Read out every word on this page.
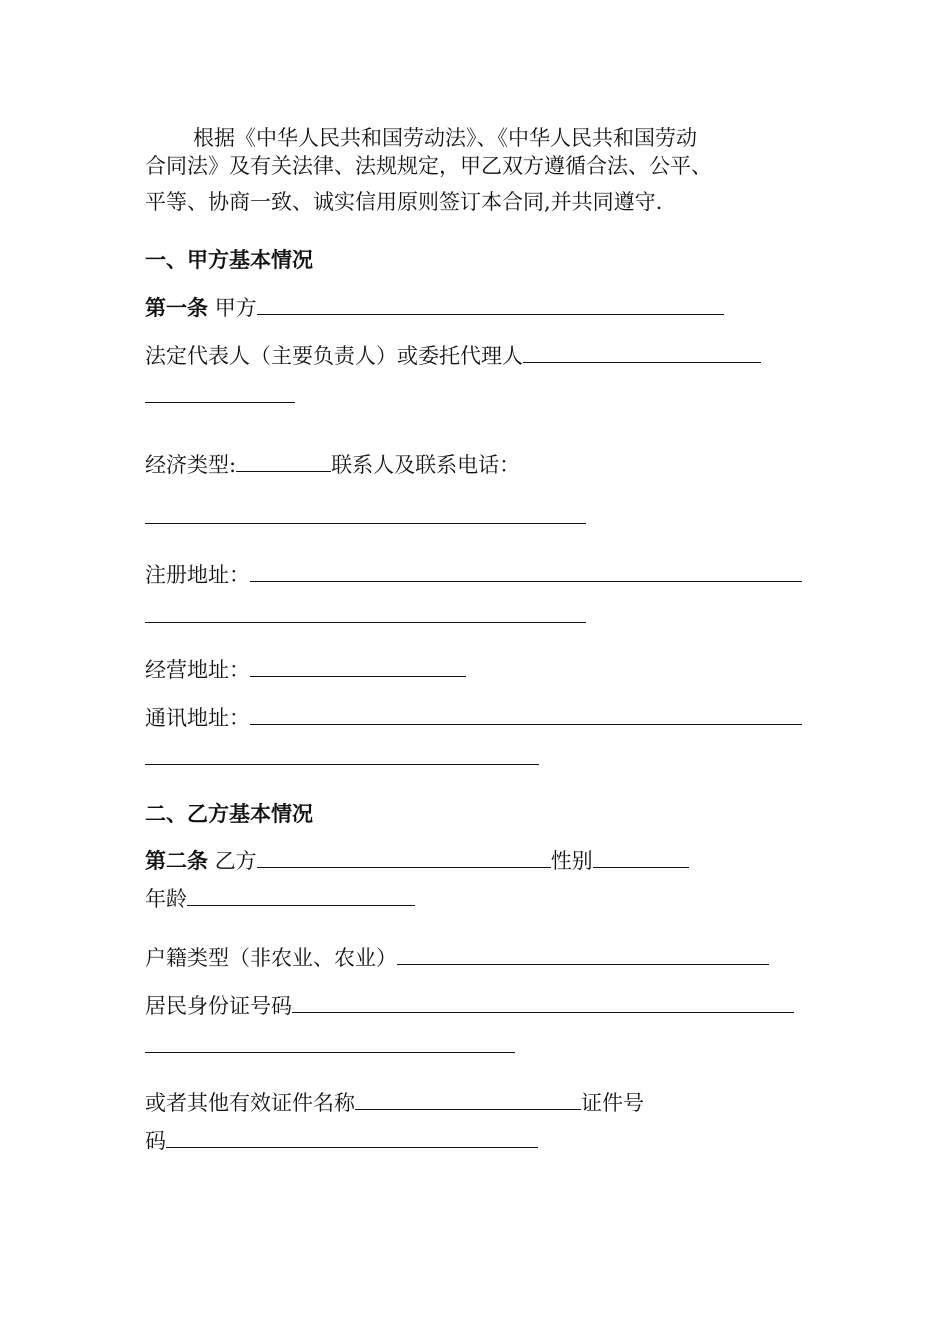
根据《中华人民共和国劳动法》、《中华人民共和国劳动
合同法》及有关法律、法规规定，甲乙双方遵循合法、公平、
平等、协商一致、诚实信用原则签订本合同,并共同遵守.
一、甲方基本情况
第一条 甲方
法定代表人（主要负责人）或委托代理人
经济类型:	联系人及联系电话：
注册地址：
经营地址：
通讯地址：
二、乙方基本情况
第二条 乙方	性别
年龄
户籍类型（非农业、农业）
居民身份证号码
或者其他有效证件名称	证件号
码
